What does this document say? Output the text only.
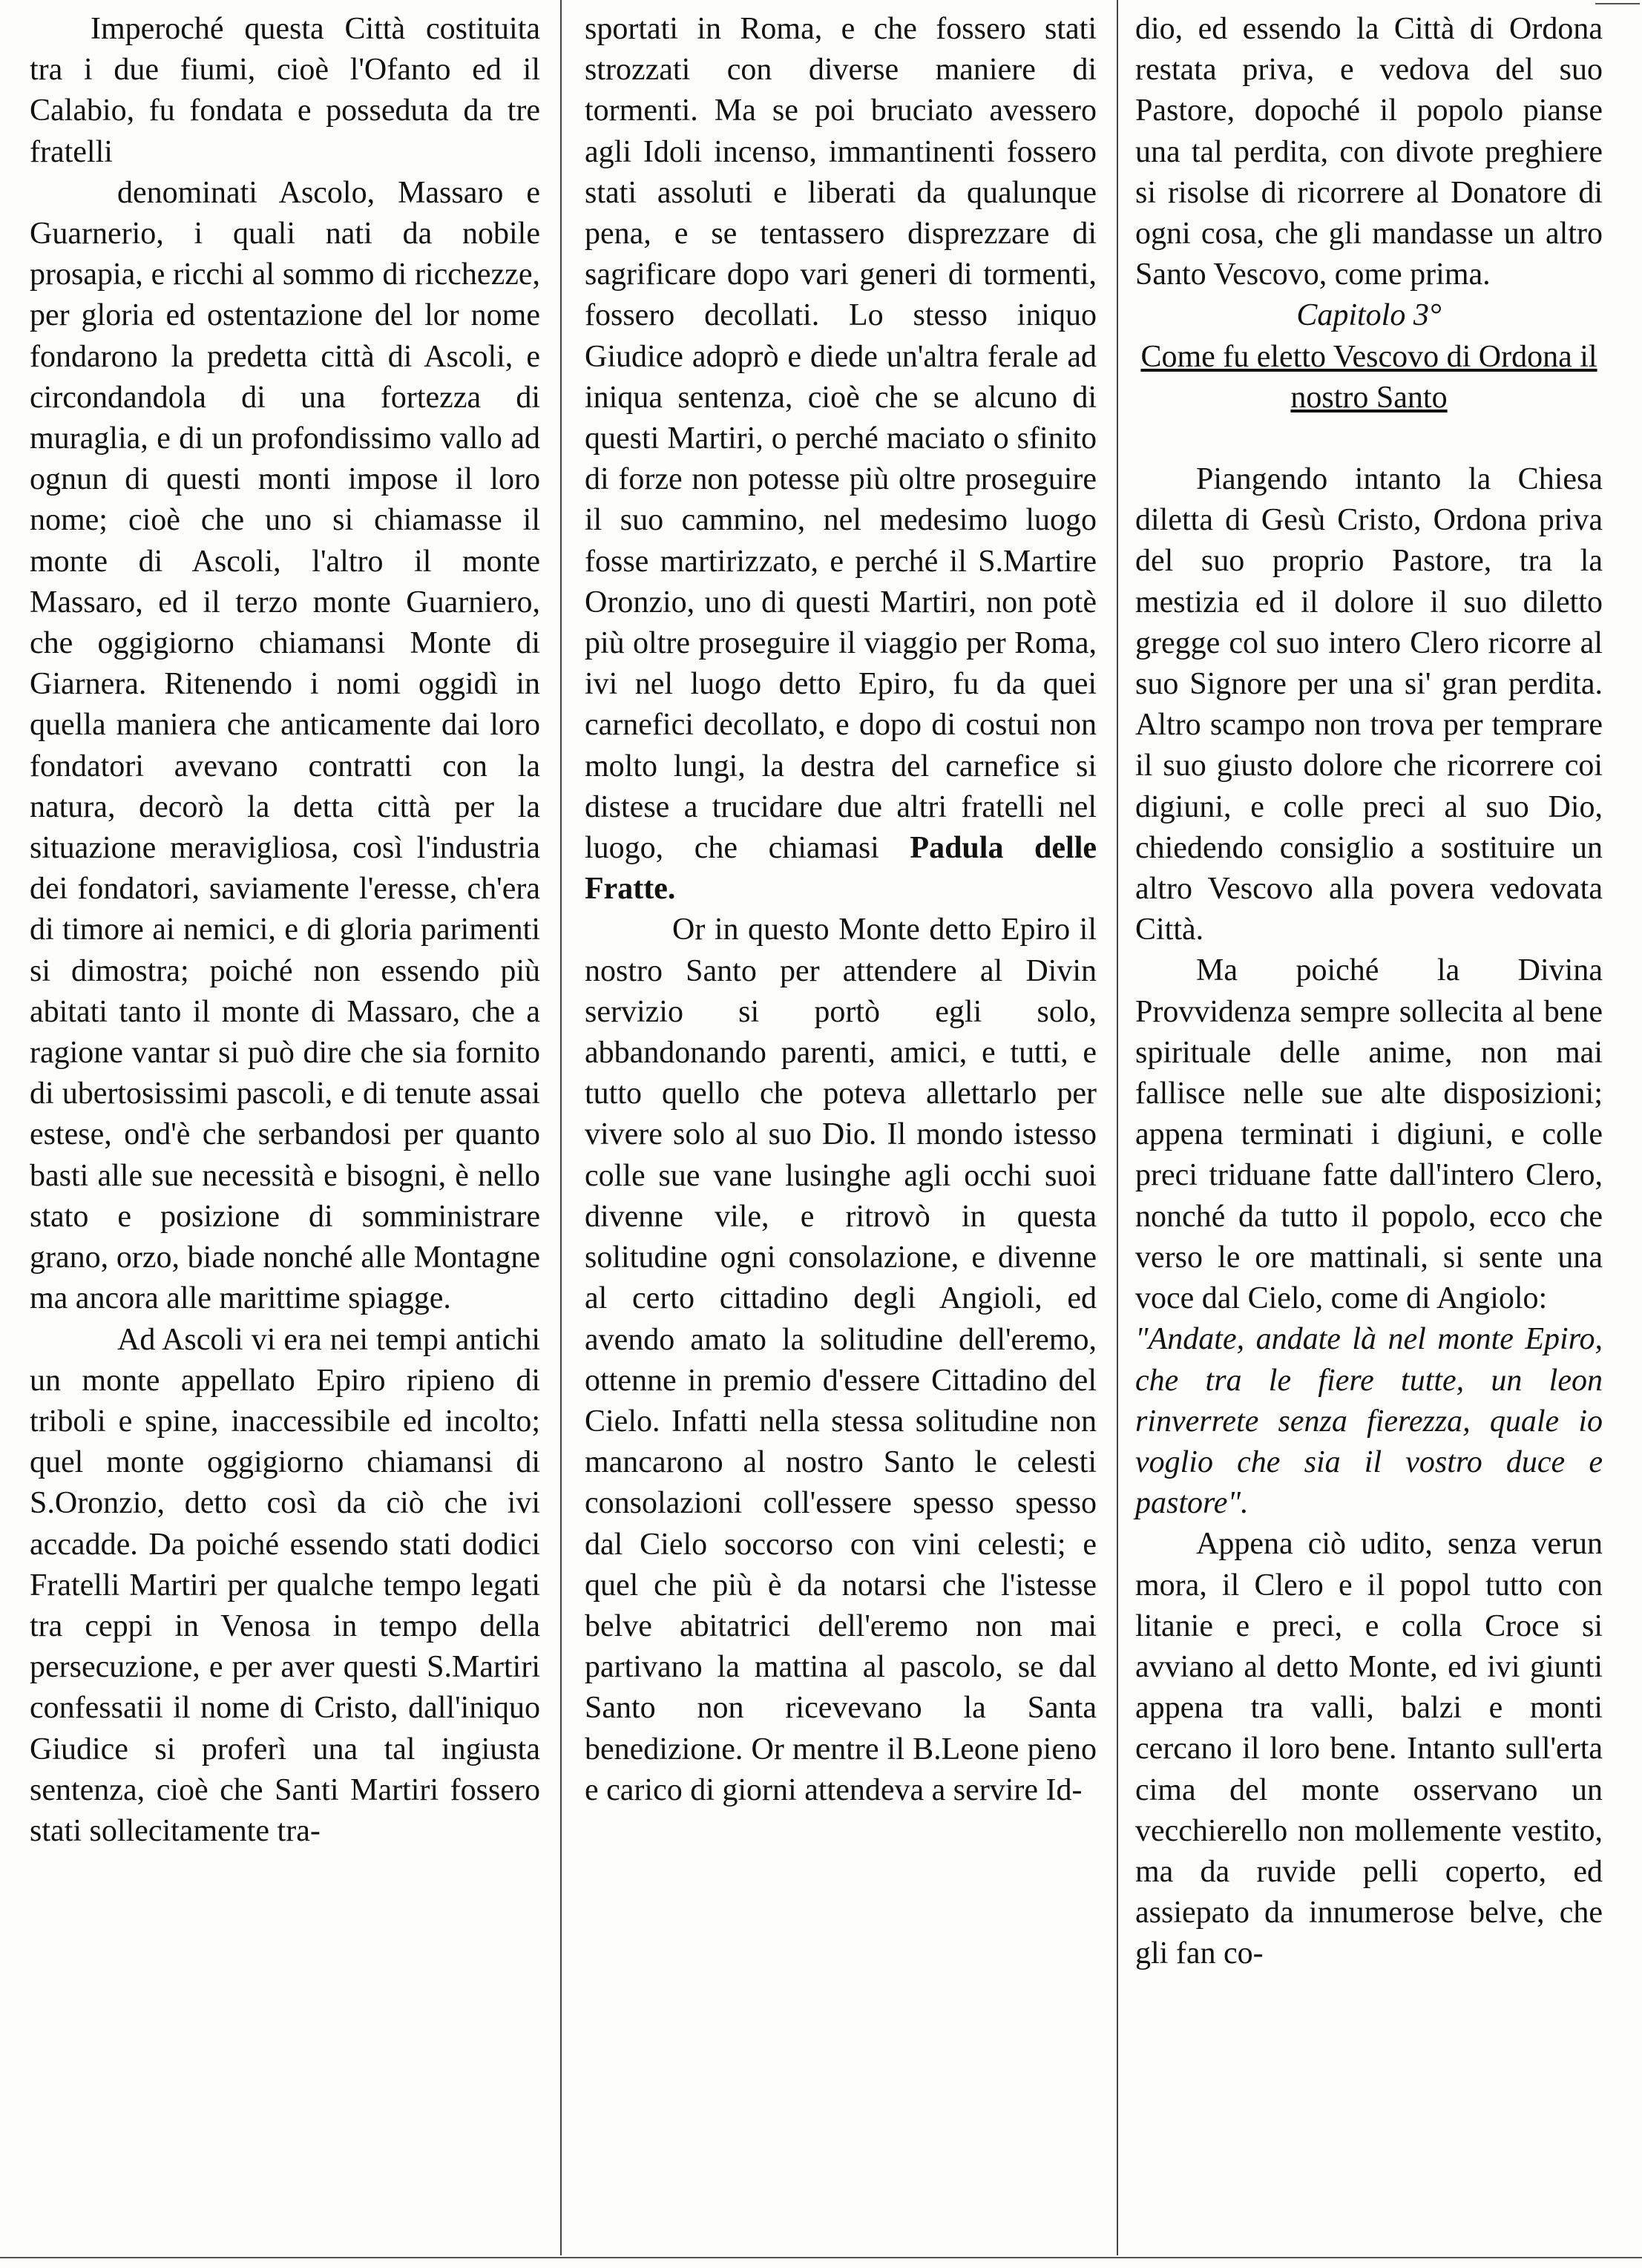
Imperoché questa Città costituita tra i due fiumi, cioè l'Ofanto ed il Calabio, fu fondata e posseduta da tre fratelli

denominati Ascolo, Massaro e Guarnerio, i quali nati da nobile prosapia, e ricchi al sommo di ricchezze, per gloria ed ostentazione del lor nome fondarono la predetta città di Ascoli, e circondandola di una fortezza di muraglia, e di un profondissimo vallo ad ognun di questi monti impose il loro nome; cioè che uno si chiamasse il monte di Ascoli, l'altro il monte Massaro, ed il terzo monte Guarniero, che oggigiorno chiamansi Monte di Giarnera. Ritenendo i nomi oggidì in quella maniera che anticamente dai loro fondatori avevano contratti con la natura, decorò la detta città per la situazione meravigliosa, così l'industria dei fondatori, saviamente l'eresse, ch'era di timore ai nemici, e di gloria parimenti si dimostra; poiché non essendo più abitati tanto il monte di Massaro, che a ragione vantar si può dire che sia fornito di ubertosissimi pascoli, e di tenute assai estese, ond'è che serbandosi per quanto basti alle sue necessità e bisogni, è nello stato e posizione di somministrare grano, orzo, biade nonché alle Montagne ma ancora alle marittime spiagge.

Ad Ascoli vi era nei tempi antichi un monte appellato Epiro ripieno di triboli e spine, inaccessibile ed incolto; quel monte oggigiorno chiamansi di S.Oronzio, detto così da ciò che ivi accadde. Da poiché essendo stati dodici Fratelli Martiri per qualche tempo legati tra ceppi in Venosa in tempo della persecuzione, e per aver questi S.Martiri confessatii il nome di Cristo, dall'iniquo Giudice si proferì una tal ingiusta sentenza, cioè che Santi Martiri fossero stati sollecitamente tra-

sportati in Roma, e che fossero stati strozzati con diverse maniere di tormenti. Ma se poi bruciato avessero agli Idoli incenso, immantinenti fossero stati assoluti e liberati da qualunque pena, e se tentassero disprezzare di sagrificare dopo vari generi di tormenti, fossero decollati. Lo stesso iniquo Giudice adoprò e diede un'altra ferale ad iniqua sentenza, cioè che se alcuno di questi Martiri, o perché maciato o sfinito di forze non potesse più oltre proseguire il suo cammino, nel medesimo luogo fosse martirizzato, e perché il S.Martire Oronzio, uno di questi Martiri, non potè più oltre proseguire il viaggio per Roma, ivi nel luogo detto Epiro, fu da quei carnefici decollato, e dopo di costui non molto lungi, la destra del carnefice si distese a trucidare due altri fratelli nel luogo, che chiamasi Padula delle Fratte.

Or in questo Monte detto Epiro il nostro Santo per attendere al Divin servizio si portò egli solo, abbandonando parenti, amici, e tutti, e tutto quello che poteva allettarlo per vivere solo al suo Dio. Il mondo istesso colle sue vane lusinghe agli occhi suoi divenne vile, e ritrovò in questa solitudine ogni consolazione, e divenne al certo cittadino degli Angioli, ed avendo amato la solitudine dell'eremo, ottenne in premio d'essere Cittadino del Cielo. Infatti nella stessa solitudine non mancarono al nostro Santo le celesti consolazioni coll'essere spesso spesso dal Cielo soccorso con vini celesti; e quel che più è da notarsi che l'istesse belve abitatrici dell'eremo non mai partivano la mattina al pascolo, se dal Santo non ricevevano la Santa benedizione. Or mentre il B.Leone pieno e carico di giorni attendeva a servire Id-

dio, ed essendo la Città di Ordona restata priva, e vedova del suo Pastore, dopoché il popolo pianse una tal perdita, con divote preghiere si risolse di ricorrere al Donatore di ogni cosa, che gli mandasse un altro Santo Vescovo, come prima.

Capitolo 3°

Come fu eletto Vescovo di Ordona il nostro Santo

Piangendo intanto la Chiesa diletta di Gesù Cristo, Ordona priva del suo proprio Pastore, tra la mestizia ed il dolore il suo diletto gregge col suo intero Clero ricorre al suo Signore per una si' gran perdita. Altro scampo non trova per temprare il suo giusto dolore che ricorrere coi digiuni, e colle preci al suo Dio, chiedendo consiglio a sostituire un altro Vescovo alla povera vedovata Città.

Ma poiché la Divina Provvidenza sempre sollecita al bene spirituale delle anime, non mai fallisce nelle sue alte disposizioni; appena terminati i digiuni, e colle preci triduane fatte dall'intero Clero, nonché da tutto il popolo, ecco che verso le ore mattinali, si sente una voce dal Cielo, come di Angiolo:

"Andate, andate là nel monte Epiro, che tra le fiere tutte, un leon rinverrete senza fierezza, quale io voglio che sia il vostro duce e pastore".

Appena ciò udito, senza verun mora, il Clero e il popol tutto con litanie e preci, e colla Croce si avviano al detto Monte, ed ivi giunti appena tra valli, balzi e monti cercano il loro bene. Intanto sull'erta cima del monte osservano un vecchierello non mollemente vestito, ma da ruvide pelli coperto, ed assiepato da innumerose belve, che gli fan co-
